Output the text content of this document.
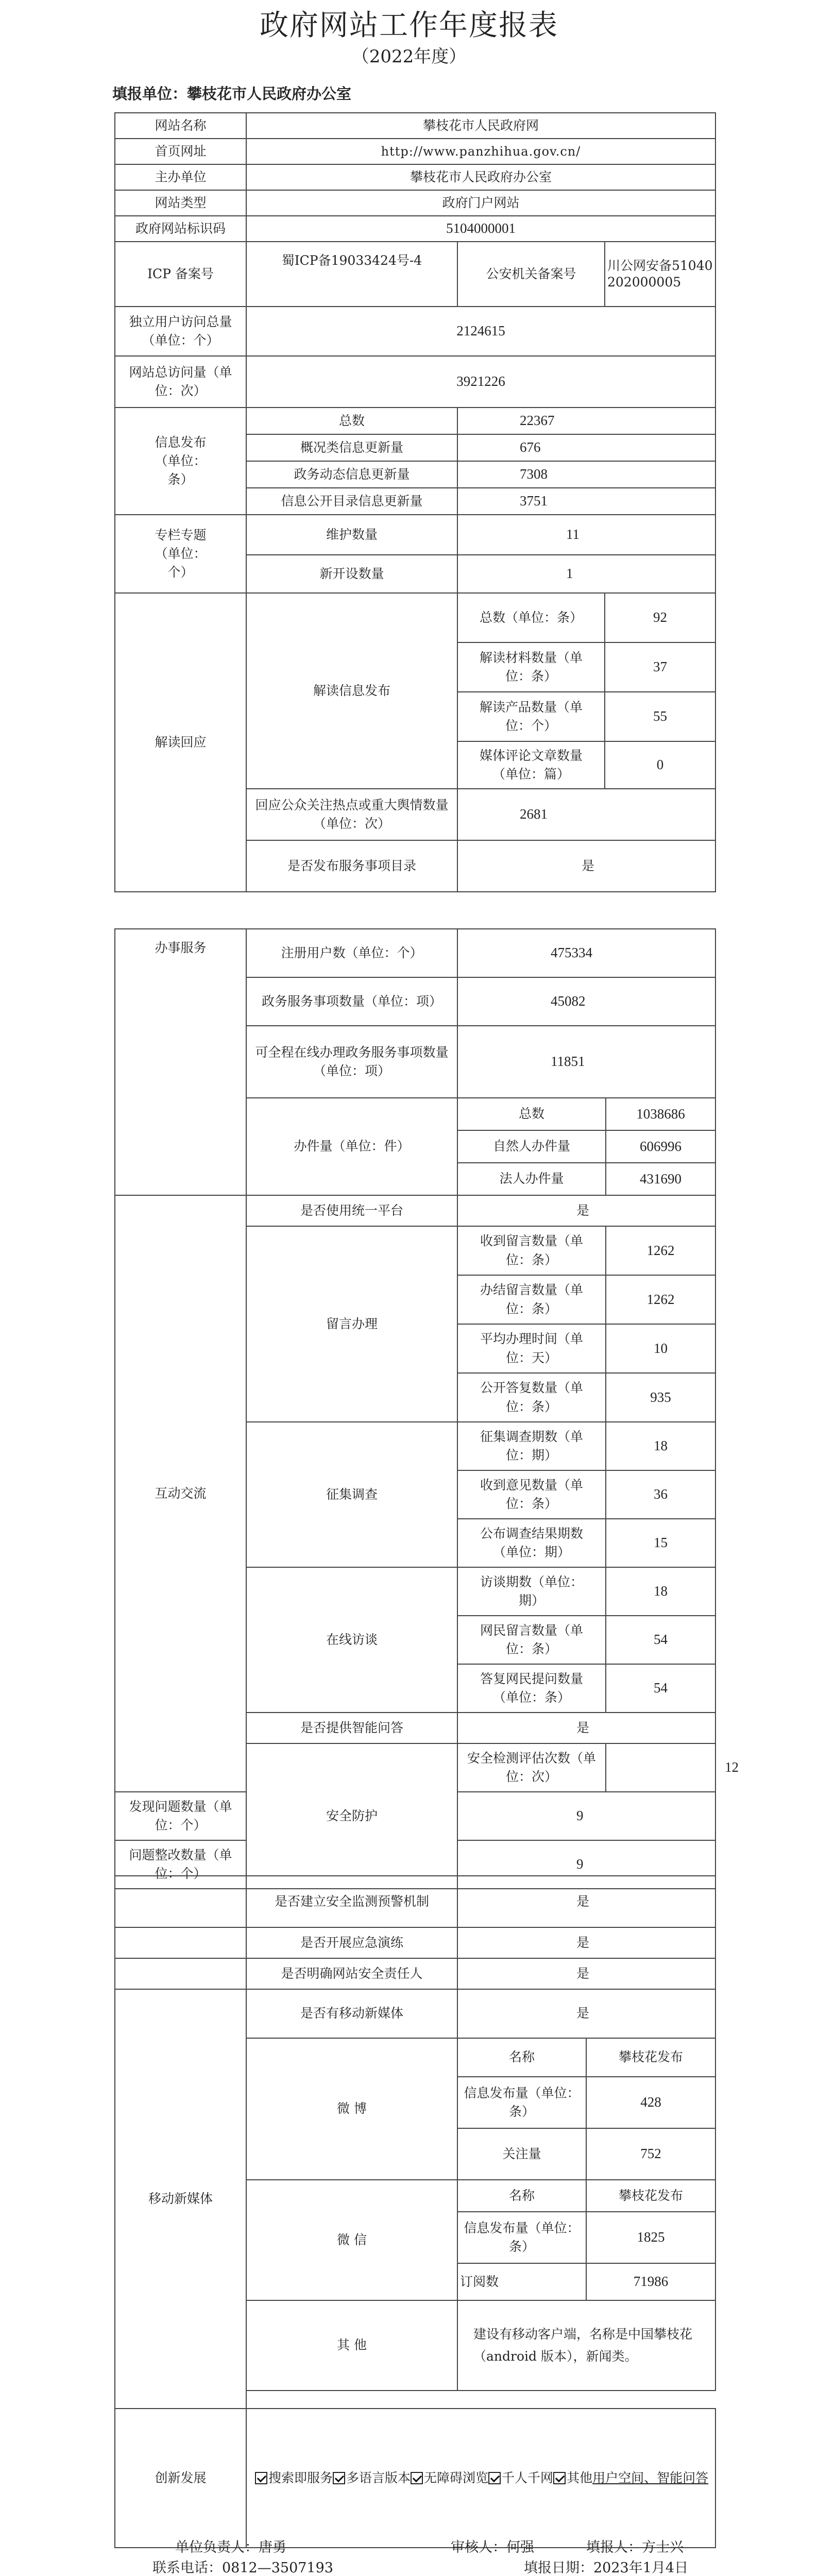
政府网站工作年度报表
（2022年度）
填报单位：攀枝花市人民政府办公室
网站名称	攀枝花市人民政府网		
首页网址	http://www.panzhihua.gov.cn/		
主办单位	攀枝花市人民政府办公室		
网站类型	政府门户网站		
政府网站标识码	5104000001		
ICP 备案号	蜀ICP备19033424号-4	公安机关备案号	川公网安备51040202000005
独立用户访问总量（单位：个）	2124615		
网站总访问量（单位：次）	3921226		
信息发布（单位：条）	总数	22367	
	概况类信息更新量	676	
	政务动态信息更新量	7308	
	信息公开目录信息更新量	3751	
专栏专题（单位：个）	维护数量	11	
	新开设数量	1	
解读回应	解读信息发布	总数（单位：条）	92
		解读材料数量（单位：条）	37
		解读产品数量（单位：个）	55
		媒体评论文章数量（单位：篇）	0
	回应公众关注热点或重大舆情数量（单位：次）	2681	
	是否发布服务事项目录	是	
办事服务	注册用户数（单位：个）	475334	
	政务服务事项数量（单位：项）	45082	
	可全程在线办理政务服务事项数量（单位：项）	11851	
	办件量（单位：件）	总数	1038686
		自然人办件量	606996
		法人办件量	431690
互动交流	是否使用统一平台	是	
	留言办理	收到留言数量（单位：条）	1262
		办结留言数量（单位：条）	1262
		平均办理时间（单位：天）	10
		公开答复数量（单位：条）	935
	征集调查	征集调查期数（单位：期）	18
		收到意见数量（单位：条）	36
		公布调查结果期数（单位：期）	15
	在线访谈	访谈期数（单位：期）	18
		网民留言数量（单位：条）	54
		答复网民提问数量（单位：条）	54
	是否提供智能问答	是	
	安全防护	安全检测评估次数（单位：次）	12
发现问题数量（单位：个）		9	
问题整改数量（单位：个）		9	
	是否建立安全监测预警机制	是	
	是否开展应急演练	是	
	是否明确网站安全责任人	是	
移动新媒体	是否有移动新媒体	是	
	微 博	名称	攀枝花发布
		信息发布量（单位：条）	428
		关注量	752
	微 信	名称	攀枝花发布
		信息发布量（单位：条）	1825
		订阅数	71986
	其 他	建设有移动客户端，名称是中国攀枝花（android 版本），新闻类。	

创新发展	搜索即服务 多语言版本 无障碍浏览 千人千网 其他用户空间、智能问答		
单位负责人：唐勇	审核人：何强	填报人：方士兴
联系电话：0812—3507193	填报日期：2023年1月4日
